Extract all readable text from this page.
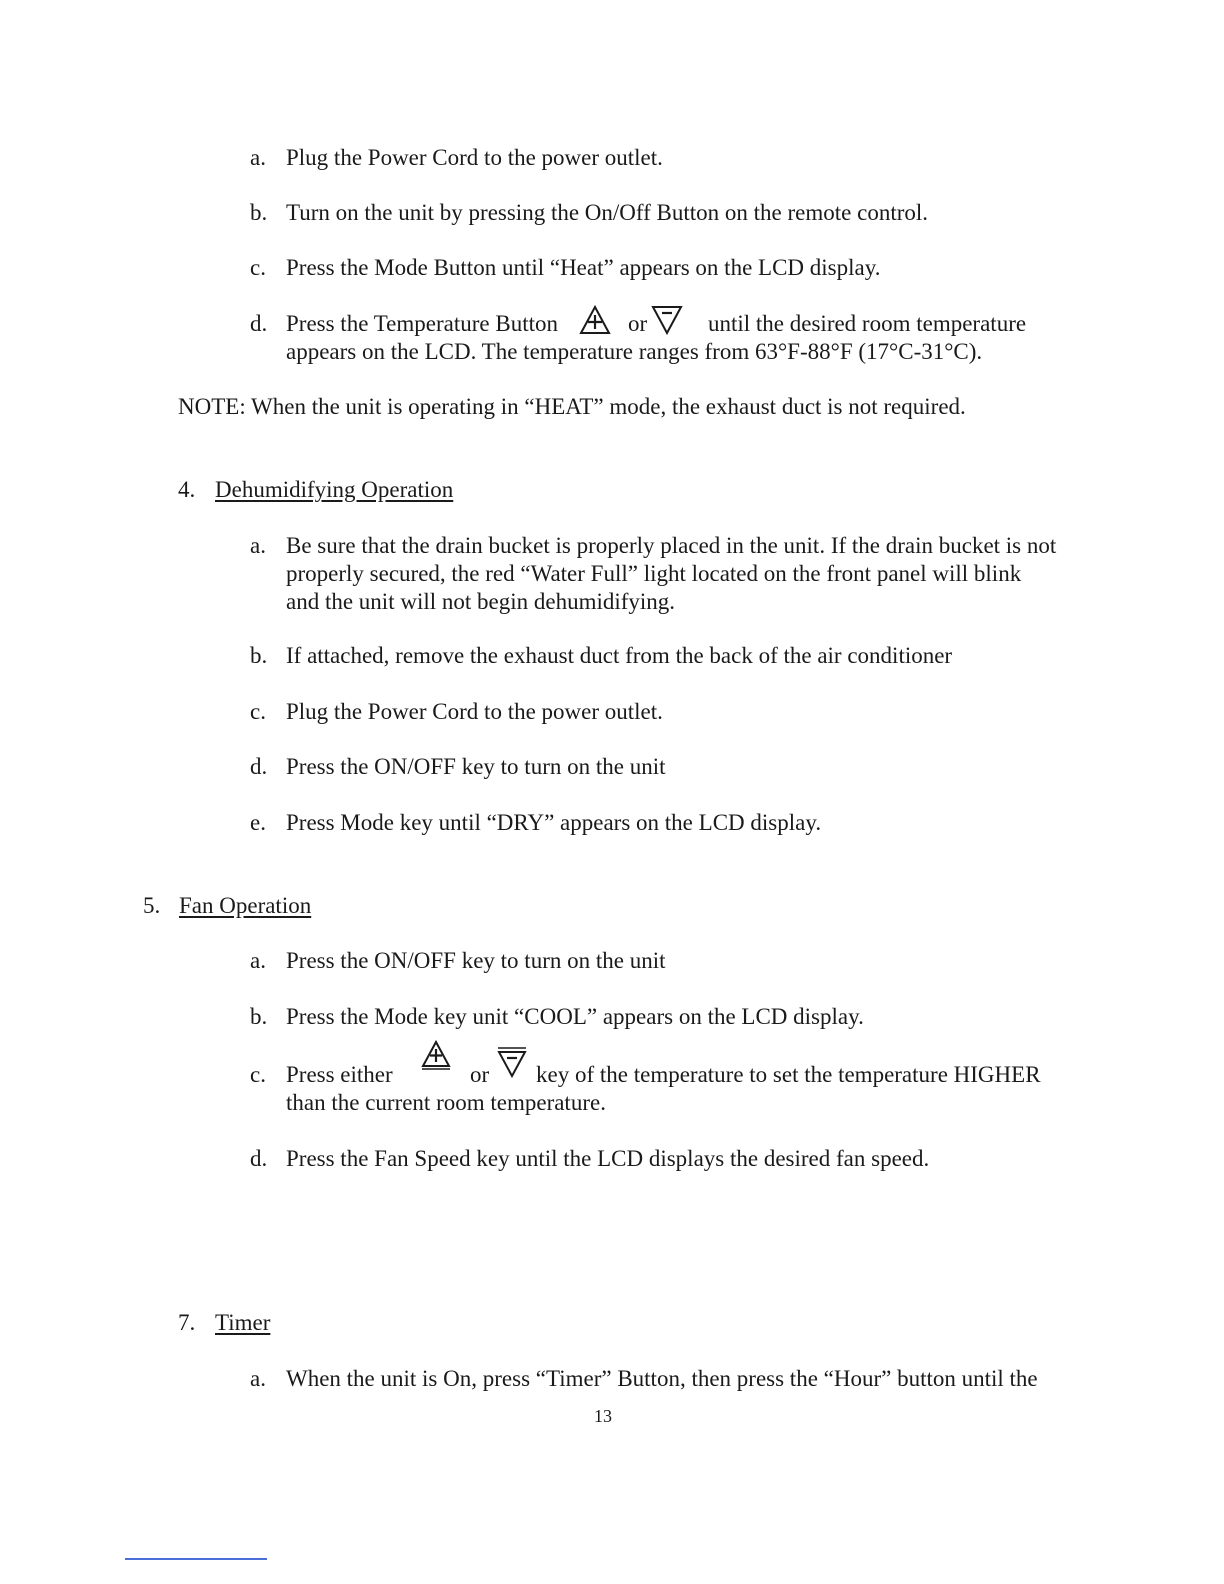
a. Plug the Power Cord to the power outlet.
b. Turn on the unit by pressing the On/Off Button on the remote control.
c. Press the Mode Button until “Heat” appears on the LCD display.
d. Press the Temperature Button	or	until the desired room temperature
appears on the LCD. The temperature ranges from 63°F-88°F (17°C-31°C).
NOTE: When the unit is operating in “HEAT” mode, the exhaust duct is not required.
4. Dehumidifying Operation
a. Be sure that the drain bucket is properly placed in the unit. If the drain bucket is not
properly secured, the red “Water Full” light located on the front panel will blink
and the unit will not begin dehumidifying.
b. If attached, remove the exhaust duct from the back of the air conditioner
c. Plug the Power Cord to the power outlet.
d. Press the ON/OFF key to turn on the unit
e. Press Mode key until “DRY” appears on the LCD display.
5. Fan Operation
a. Press the ON/OFF key to turn on the unit
b. Press the Mode key unit “COOL” appears on the LCD display.
c. Press either	or key of the temperature to set the temperature HIGHER
than the current room temperature.
d. Press the Fan Speed key until the LCD displays the desired fan speed.
7. Timer
a. When the unit is On, press “Timer” Button, then press the “Hour” button until the
13
